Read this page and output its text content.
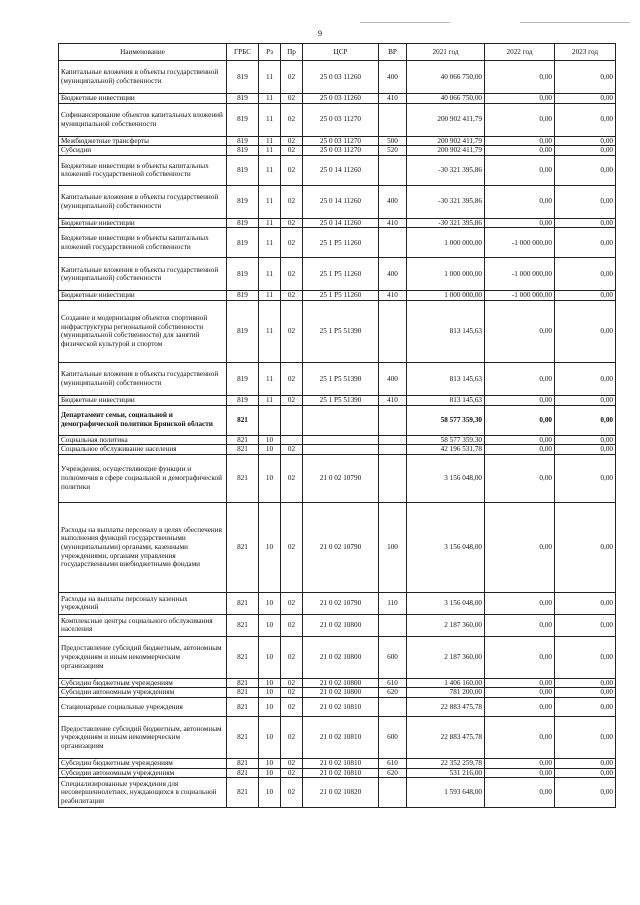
9
Наименование	ГРБС	Рз	Пр	ЦСР	ВР	2021 год	2022 год	2023 год
Капитальные вложения в объекты государственной (муниципальной) собственности	819	11	02	25 0 03 11260	400	40 066 750,00	0,00	0,00
Бюджетные инвестиции	819	11	02	25 0 03 11260	410	40 066 750,00	0,00	0,00
Софинансирование объектов капитальных вложений муниципальной собственности	819	11	02	25 0 03 11270		200 902 411,79	0,00	0,00
Межбюджетные трансферты	819	11	02	25 0 03 11270	500	200 902 411,79	0,00	0,00
Субсидии	819	11	02	25 0 03 11270	520	200 902 411,79	0,00	0,00
Бюджетные инвестиции в объекты капитальных вложений государственной собственности	819	11	02	25 0 14 11260		-30 321 395,86	0,00	0,00
Капитальные вложения в объекты государственной (муниципальной) собственности	819	11	02	25 0 14 11260	400	-30 321 395,86	0,00	0,00
Бюджетные инвестиции	819	11	02	25 0 14 11260	410	-30 321 395,86	0,00	0,00
Бюджетные инвестиции в объекты капитальных вложений государственной собственности	819	11	02	25 1 P5 11260		1 000 000,00	-1 000 000,00	0,00
Капитальные вложения в объекты государственной (муниципальной) собственности	819	11	02	25 1 P5 11260	400	1 000 000,00	-1 000 000,00	0,00
Бюджетные инвестиции	819	11	02	25 1 P5 11260	410	1 000 000,00	-1 000 000,00	0,00
Создание и модернизация объектов спортивной инфраструктуры региональной собственности (муниципальной собственности) для занятий физической культурой и спортом	819	11	02	25 1 P5 51390		813 145,63	0,00	0,00
Капитальные вложения в объекты государственной (муниципальной) собственности	819	11	02	25 1 P5 51390	400	813 145,63	0,00	0,00
Бюджетные инвестиции	819	11	02	25 1 P5 51390	410	813 145,63	0,00	0,00
Департамент семьи, социальной и демографической политики Брянской области	821					58 577 359,30	0,00	0,00
Социальная политика	821	10				58 577 359,30	0,00	0,00
Социальное обслуживание населения	821	10	02			42 196 531,78	0,00	0,00
Учреждения, осуществляющие функции и полномочия в сфере социальной и демографической политики	821	10	02	21 0 02 10790		3 156 048,00	0,00	0,00
Расходы на выплаты персоналу в целях обеспечения выполнения функций государственными (муниципальными) органами, казенными учреждениями, органами управления государственными внебюджетными фондами	821	10	02	21 0 02 10790	100	3 156 048,00	0,00	0,00
Расходы на выплаты персоналу казенных учреждений	821	10	02	21 0 02 10790	110	3 156 048,00	0,00	0,00
Комплексные центры социального обслуживания населения	821	10	02	21 0 02 10800		2 187 360,00	0,00	0,00
Предоставление субсидий бюджетным, автономным учреждениям и иным некоммерческим организациям	821	10	02	21 0 02 10800	600	2 187 360,00	0,00	0,00
Субсидии бюджетным учреждениям	821	10	02	21 0 02 10800	610	1 406 160,00	0,00	0,00
Субсидии автономным учреждениям	821	10	02	21 0 02 10800	620	781 200,00	0,00	0,00
Стационарные социальные учреждения	821	10	02	21 0 02 10810		22 883 475,78	0,00	0,00
Предоставление субсидий бюджетным, автономным учреждениям и иным некоммерческим организациям	821	10	02	21 0 02 10810	600	22 883 475,78	0,00	0,00
Субсидии бюджетным учреждениям	821	10	02	21 0 02 10810	610	22 352 259,78	0,00	0,00
Субсидии автономным учреждениям	821	10	02	21 0 02 10810	620	531 216,00	0,00	0,00
Специализированные учреждения для несовершеннолетних, нуждающихся в социальной реабилитации	821	10	02	21 0 02 10820		1 593 648,00	0,00	0,00
